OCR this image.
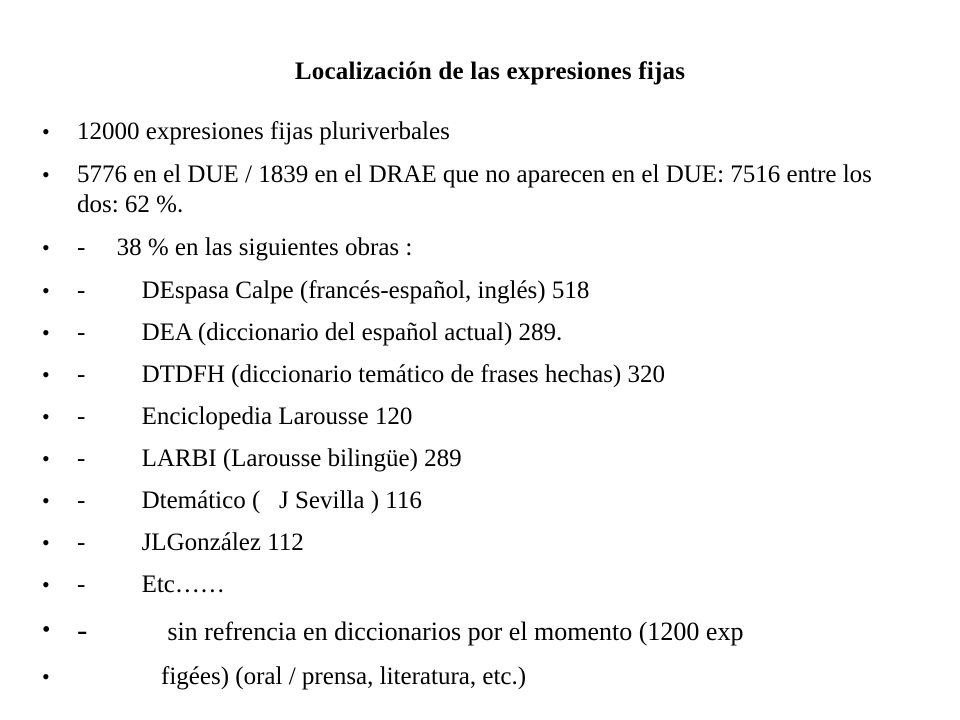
Localización de las expresiones fijas
• 12000 expresiones fijas pluriverbales
• 5776 en el DUE / 1839 en el DRAE que no aparecen en el DUE: 7516 entre los dos: 62 %.
• -     38 % en las siguientes obras :
• -         DEspasa Calpe (francés-español, inglés) 518
• -         DEA (diccionario del español actual) 289.
• -         DTDFH (diccionario temático de frases hechas) 320
• -         Enciclopedia Larousse 120
• -         LARBI (Larousse bilingüe) 289
• -         Dtemático (   J Sevilla ) 116
• -         JLGonzález 112
• -         Etc……
• -	sin refrencia en diccionarios por el momento (1200 exp
•	figées) (oral / prensa, literatura, etc.)
